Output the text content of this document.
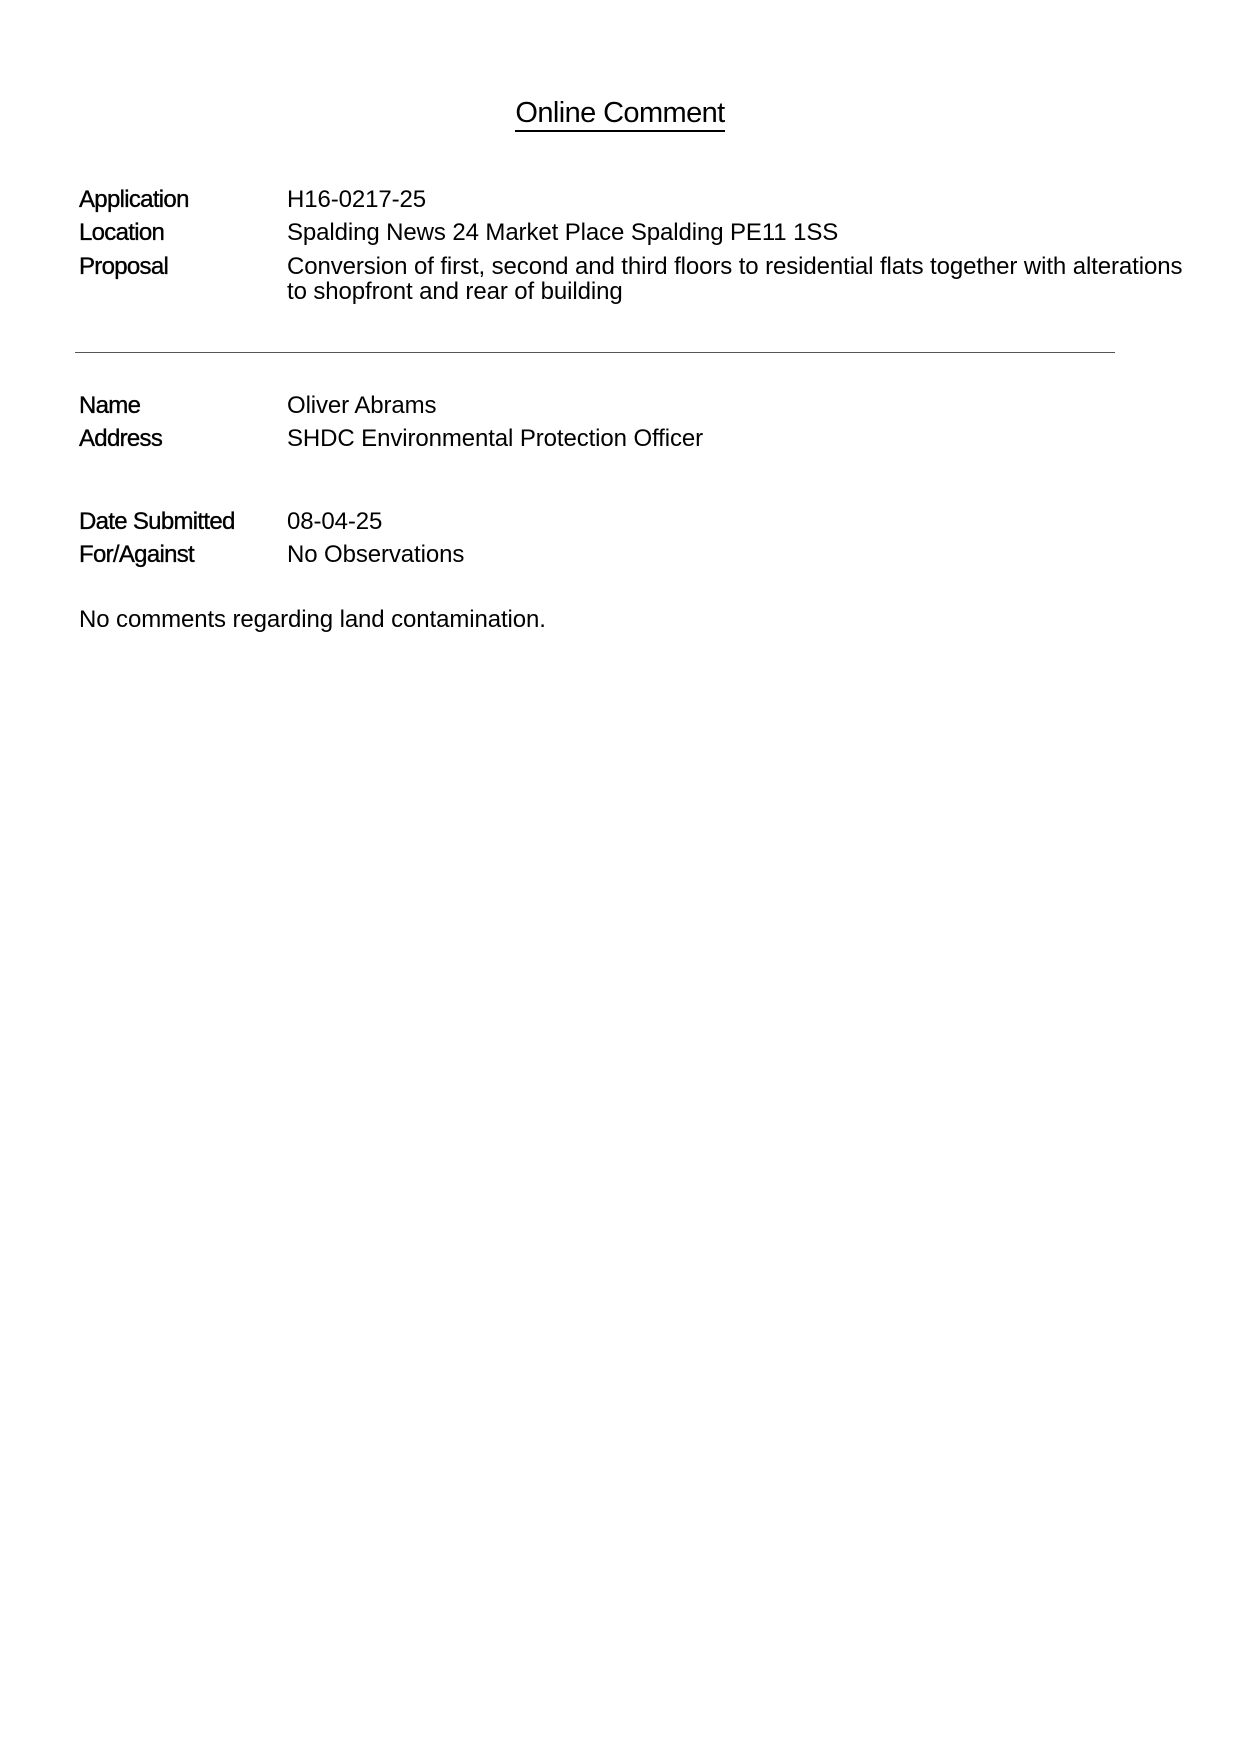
Online Comment
Application	H16-0217-25
Location	Spalding News 24 Market Place Spalding PE11 1SS
Proposal	Conversion of first, second and third floors to residential flats together with alterations to shopfront and rear of building
Name	Oliver Abrams
Address	SHDC Environmental Protection Officer
Date Submitted	08-04-25
For/Against	No Observations
No comments regarding land contamination.
